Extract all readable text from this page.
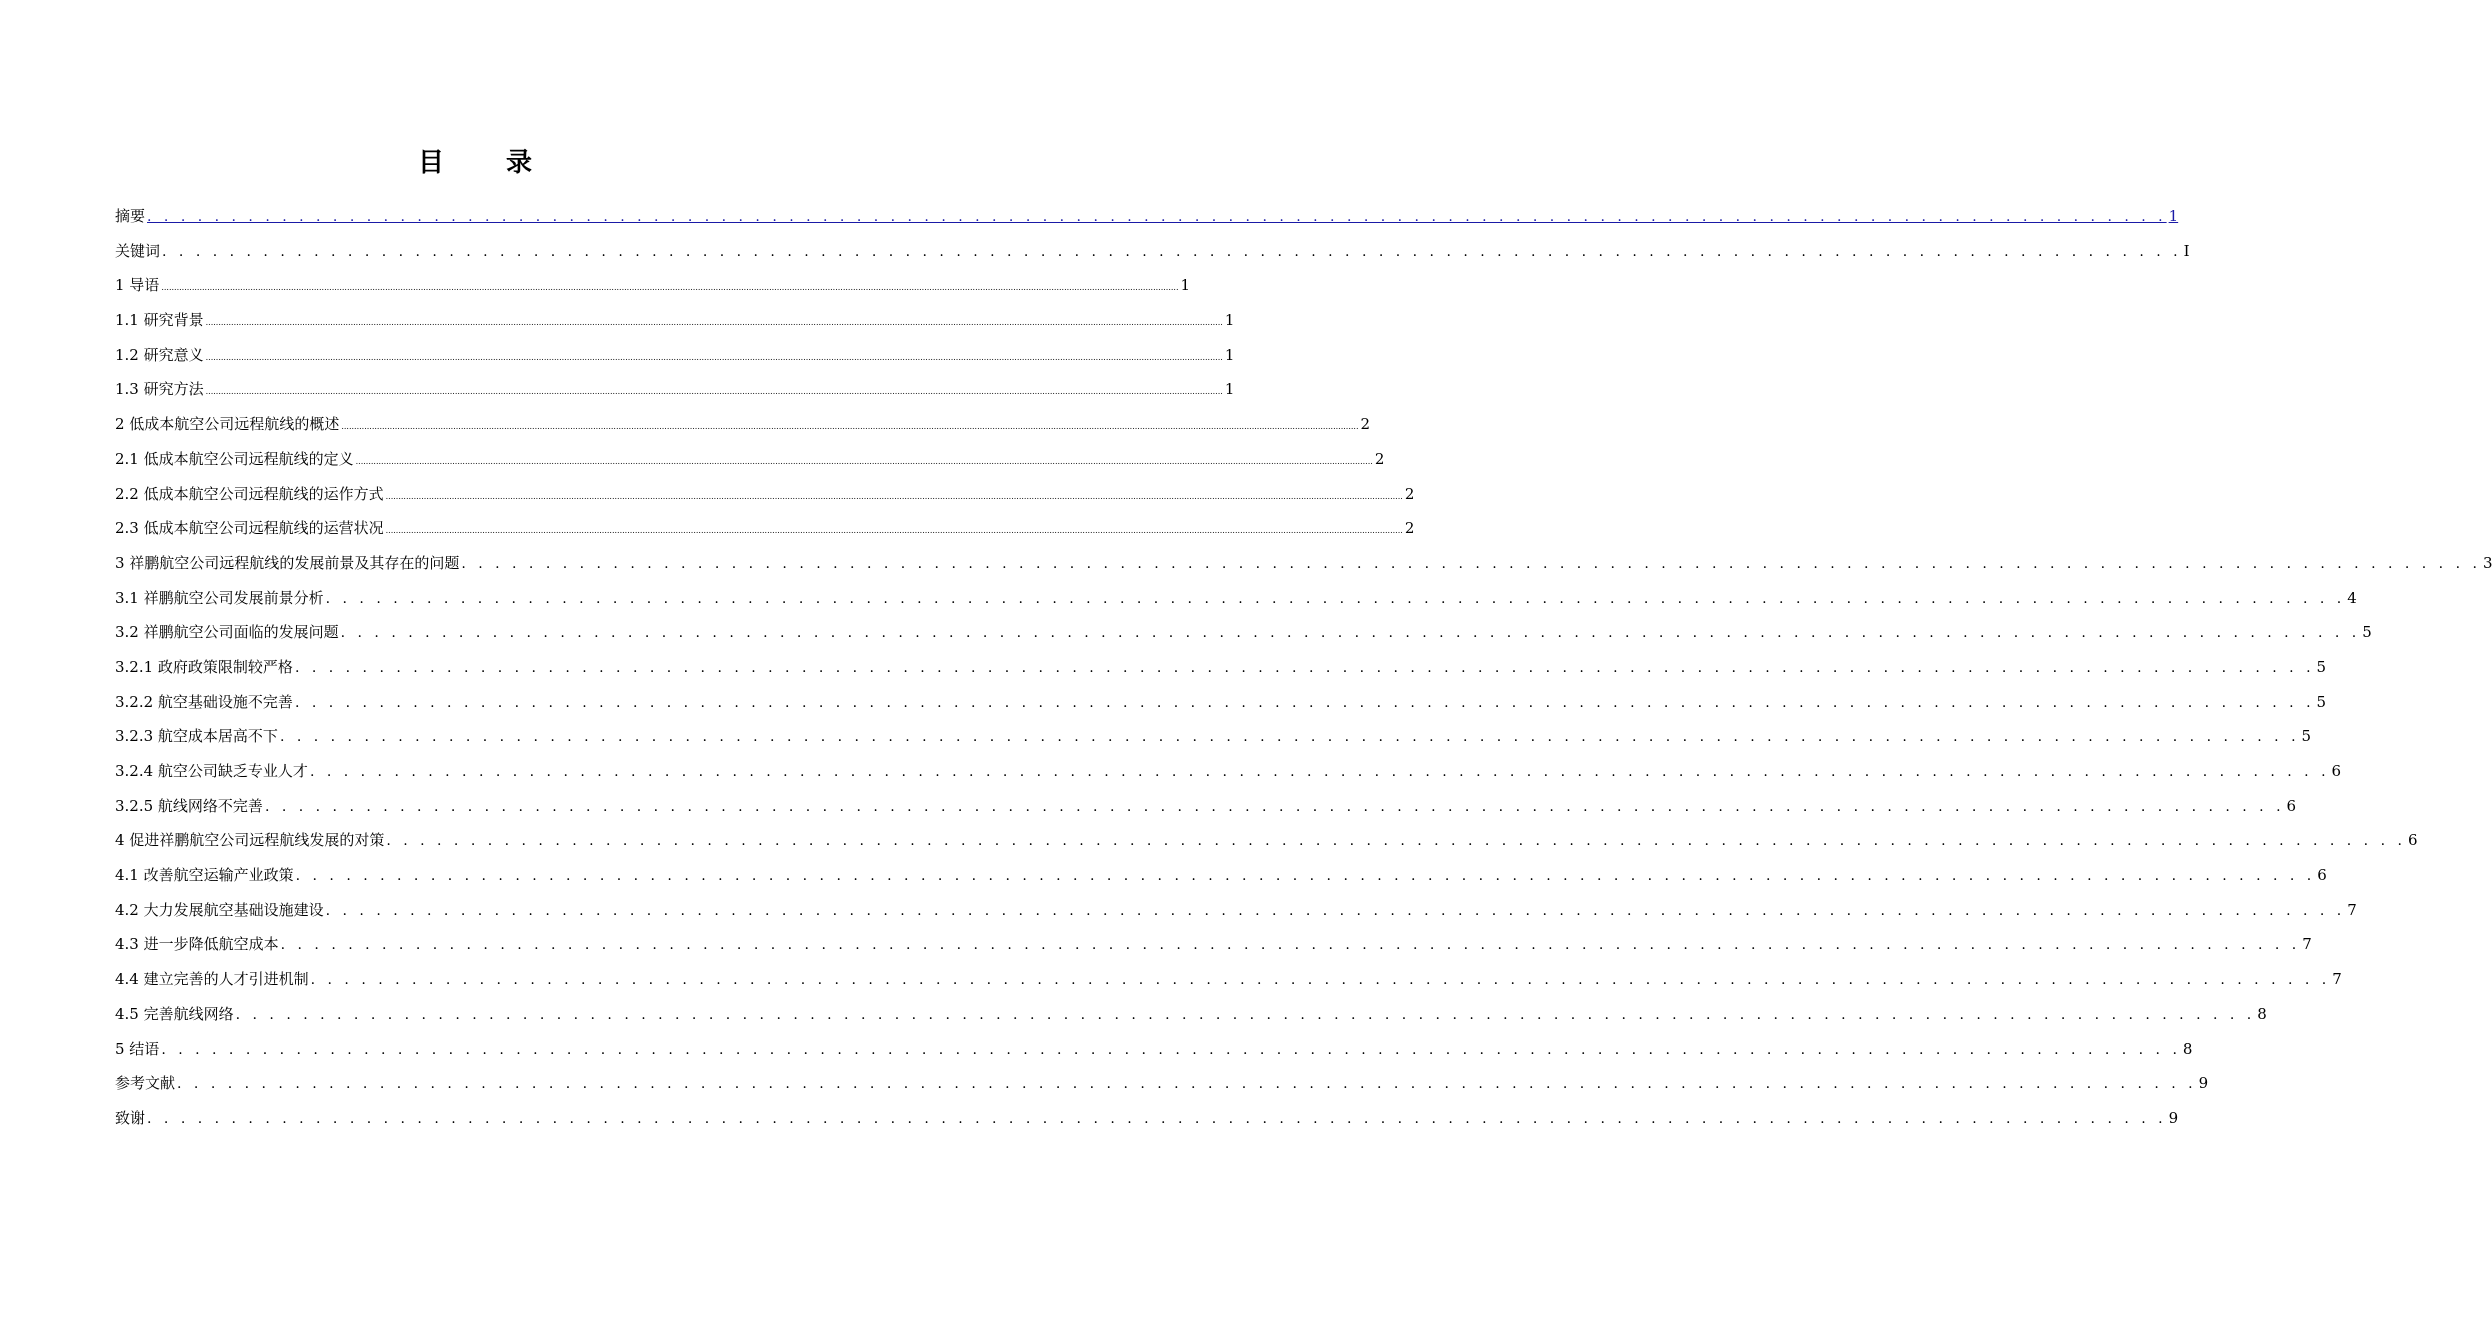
目 录
摘要 . . . . . . . . . . . . . . . . . . . . . . . . . . . . . . . . . . . . . . . . . . . . . . . . . . . . . . . . . . . . . . . . . . . . . . . . . . . . . . . . . . . . . . . . . . . . . . . . . . . . . . . . . . . . . . . . . . . . . . . . 1
关键词 . . . . . . . . . . . . . . . . . . . . . . . . . . . . . . . . . . . . . . . . . . . . . . . . . . . . . . . . . . . . . . . . . . . . . . . . . . . . . . . . . . . . . . . . . . . . . . . . . . . . . . . . . . . . . . . . . . . . . . . . I
1 导语 ................................................................................................................................................................................................................................................................................................................................................................................................................ 1
1.1 研究背景 ................................................................................................................................................................................................................................................................................................................................................................................................................ 1
1.2 研究意义 ................................................................................................................................................................................................................................................................................................................................................................................................................ 1
1.3 研究方法 ................................................................................................................................................................................................................................................................................................................................................................................................................ 1
2 低成本航空公司远程航线的概述 ................................................................................................................................................................................................................................................................................................................................................................................................................ 2
2.1 低成本航空公司远程航线的定义 ................................................................................................................................................................................................................................................................................................................................................................................................................ 2
2.2 低成本航空公司远程航线的运作方式 ................................................................................................................................................................................................................................................................................................................................................................................................................ 2
2.3 低成本航空公司远程航线的运营状况 ................................................................................................................................................................................................................................................................................................................................................................................................................ 2
3 祥鹏航空公司远程航线的发展前景及其存在的问题 . . . . . . . . . . . . . . . . . . . . . . . . . . . . . . . . . . . . . . . . . . . . . . . . . . . . . . . . . . . . . . . . . . . . . . . . . . . . . . . . . . . . . . . . . . . . . . . . . . . . . . . . . . . . . . . . . . . . . . . . 3
3.1 祥鹏航空公司发展前景分析 . . . . . . . . . . . . . . . . . . . . . . . . . . . . . . . . . . . . . . . . . . . . . . . . . . . . . . . . . . . . . . . . . . . . . . . . . . . . . . . . . . . . . . . . . . . . . . . . . . . . . . . . . . . . . . . . . . . . . . . . 4
3.2 祥鹏航空公司面临的发展问题 . . . . . . . . . . . . . . . . . . . . . . . . . . . . . . . . . . . . . . . . . . . . . . . . . . . . . . . . . . . . . . . . . . . . . . . . . . . . . . . . . . . . . . . . . . . . . . . . . . . . . . . . . . . . . . . . . . . . . . . . 5
3.2.1 政府政策限制较严格 . . . . . . . . . . . . . . . . . . . . . . . . . . . . . . . . . . . . . . . . . . . . . . . . . . . . . . . . . . . . . . . . . . . . . . . . . . . . . . . . . . . . . . . . . . . . . . . . . . . . . . . . . . . . . . . . . . . . . . . . 5
3.2.2 航空基础设施不完善 . . . . . . . . . . . . . . . . . . . . . . . . . . . . . . . . . . . . . . . . . . . . . . . . . . . . . . . . . . . . . . . . . . . . . . . . . . . . . . . . . . . . . . . . . . . . . . . . . . . . . . . . . . . . . . . . . . . . . . . . 5
3.2.3 航空成本居高不下 . . . . . . . . . . . . . . . . . . . . . . . . . . . . . . . . . . . . . . . . . . . . . . . . . . . . . . . . . . . . . . . . . . . . . . . . . . . . . . . . . . . . . . . . . . . . . . . . . . . . . . . . . . . . . . . . . . . . . . . . 5
3.2.4 航空公司缺乏专业人才 . . . . . . . . . . . . . . . . . . . . . . . . . . . . . . . . . . . . . . . . . . . . . . . . . . . . . . . . . . . . . . . . . . . . . . . . . . . . . . . . . . . . . . . . . . . . . . . . . . . . . . . . . . . . . . . . . . . . . . . . 6
3.2.5 航线网络不完善 . . . . . . . . . . . . . . . . . . . . . . . . . . . . . . . . . . . . . . . . . . . . . . . . . . . . . . . . . . . . . . . . . . . . . . . . . . . . . . . . . . . . . . . . . . . . . . . . . . . . . . . . . . . . . . . . . . . . . . . . 6
4 促进祥鹏航空公司远程航线发展的对策 . . . . . . . . . . . . . . . . . . . . . . . . . . . . . . . . . . . . . . . . . . . . . . . . . . . . . . . . . . . . . . . . . . . . . . . . . . . . . . . . . . . . . . . . . . . . . . . . . . . . . . . . . . . . . . . . . . . . . . . . 6
4.1 改善航空运输产业政策 . . . . . . . . . . . . . . . . . . . . . . . . . . . . . . . . . . . . . . . . . . . . . . . . . . . . . . . . . . . . . . . . . . . . . . . . . . . . . . . . . . . . . . . . . . . . . . . . . . . . . . . . . . . . . . . . . . . . . . . . 6
4.2 大力发展航空基础设施建设 . . . . . . . . . . . . . . . . . . . . . . . . . . . . . . . . . . . . . . . . . . . . . . . . . . . . . . . . . . . . . . . . . . . . . . . . . . . . . . . . . . . . . . . . . . . . . . . . . . . . . . . . . . . . . . . . . . . . . . . . 7
4.3 进一步降低航空成本 . . . . . . . . . . . . . . . . . . . . . . . . . . . . . . . . . . . . . . . . . . . . . . . . . . . . . . . . . . . . . . . . . . . . . . . . . . . . . . . . . . . . . . . . . . . . . . . . . . . . . . . . . . . . . . . . . . . . . . . . 7
4.4 建立完善的人才引进机制 . . . . . . . . . . . . . . . . . . . . . . . . . . . . . . . . . . . . . . . . . . . . . . . . . . . . . . . . . . . . . . . . . . . . . . . . . . . . . . . . . . . . . . . . . . . . . . . . . . . . . . . . . . . . . . . . . . . . . . . . 7
4.5 完善航线网络 . . . . . . . . . . . . . . . . . . . . . . . . . . . . . . . . . . . . . . . . . . . . . . . . . . . . . . . . . . . . . . . . . . . . . . . . . . . . . . . . . . . . . . . . . . . . . . . . . . . . . . . . . . . . . . . . . . . . . . . . 8
5 结语 . . . . . . . . . . . . . . . . . . . . . . . . . . . . . . . . . . . . . . . . . . . . . . . . . . . . . . . . . . . . . . . . . . . . . . . . . . . . . . . . . . . . . . . . . . . . . . . . . . . . . . . . . . . . . . . . . . . . . . . . 8
参考文献 . . . . . . . . . . . . . . . . . . . . . . . . . . . . . . . . . . . . . . . . . . . . . . . . . . . . . . . . . . . . . . . . . . . . . . . . . . . . . . . . . . . . . . . . . . . . . . . . . . . . . . . . . . . . . . . . . . . . . . . . 9
致谢 . . . . . . . . . . . . . . . . . . . . . . . . . . . . . . . . . . . . . . . . . . . . . . . . . . . . . . . . . . . . . . . . . . . . . . . . . . . . . . . . . . . . . . . . . . . . . . . . . . . . . . . . . . . . . . . . . . . . . . . . 9
